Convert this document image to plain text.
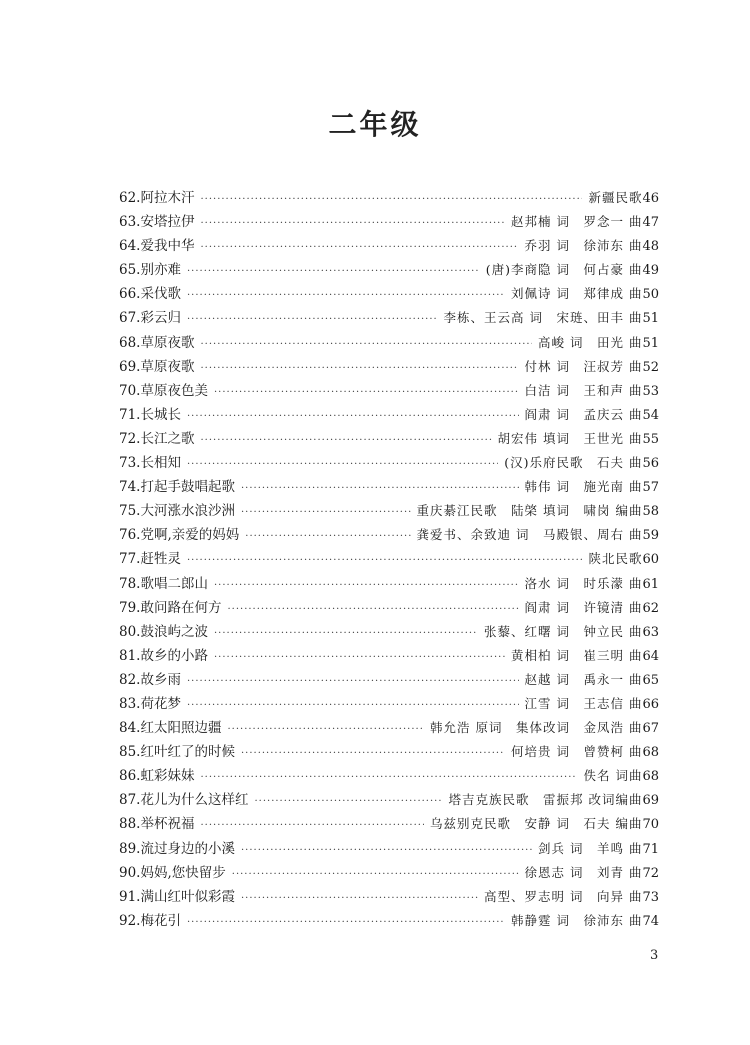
二年级
62.阿拉木汗 ·····	新疆民歌 46
63.安塔拉伊 ·····	赵邦楠 词　罗念一 曲 47
64.爱我中华 ·····	乔羽 词　徐沛东 曲 48
65.别亦难 ·····	(唐)李商隐 词　何占豪 曲 49
66.采伐歌 ·····	刘佩诗 词　郑律成 曲 50
67.彩云归 ·····	李栋、王云高 词　宋琏、田丰 曲 51
68.草原夜歌 ·····	高峻 词　田光 曲 51
69.草原夜歌 ·····	付林 词　汪叔芳 曲 52
70.草原夜色美 ·····	白洁 词　王和声 曲 53
71.长城长 ·····	阎肃 词　孟庆云 曲 54
72.长江之歌 ·····	胡宏伟 填词　王世光 曲 55
73.长相知 ·····	(汉)乐府民歌　石夫 曲 56
74.打起手鼓唱起歌 ·····	韩伟 词　施光南 曲 57
75.大河涨水浪沙洲 ·····	重庆綦江民歌　陆棨 填词　啸岗 编曲 58
76.党啊,亲爱的妈妈 ·····	龚爱书、余致迪 词　马殿银、周右 曲 59
77.赶牲灵 ·····	陕北民歌 60
78.歌唱二郎山 ·····	洛水 词　时乐濛 曲 61
79.敢问路在何方 ·····	阎肃 词　许镜清 曲 62
80.鼓浪屿之波 ·····	张藜、红曙 词　钟立民 曲 63
81.故乡的小路 ·····	黄相柏 词　崔三明 曲 64
82.故乡雨 ·····	赵越 词　禹永一 曲 65
83.荷花梦 ·····	江雪 词　王志信 曲 66
84.红太阳照边疆 ·····	韩允浩 原词　集体改词　金凤浩 曲 67
85.红叶红了的时候 ·····	何培贵 词　曾赞柯 曲 68
86.虹彩妹妹 ·····	佚名 词曲 68
87.花儿为什么这样红 ·····	塔吉克族民歌　雷振邦 改词编曲 69
88.举杯祝福 ·····	乌兹别克民歌　安静 词　石夫 编曲 70
89.流过身边的小溪 ·····	剑兵 词　羊鸣 曲 71
90.妈妈,您快留步 ·····	徐恩志 词　刘青 曲 72
91.满山红叶似彩霞 ·····	高型、罗志明 词　向异 曲 73
92.梅花引 ·····	韩静霆 词　徐沛东 曲 74
3
